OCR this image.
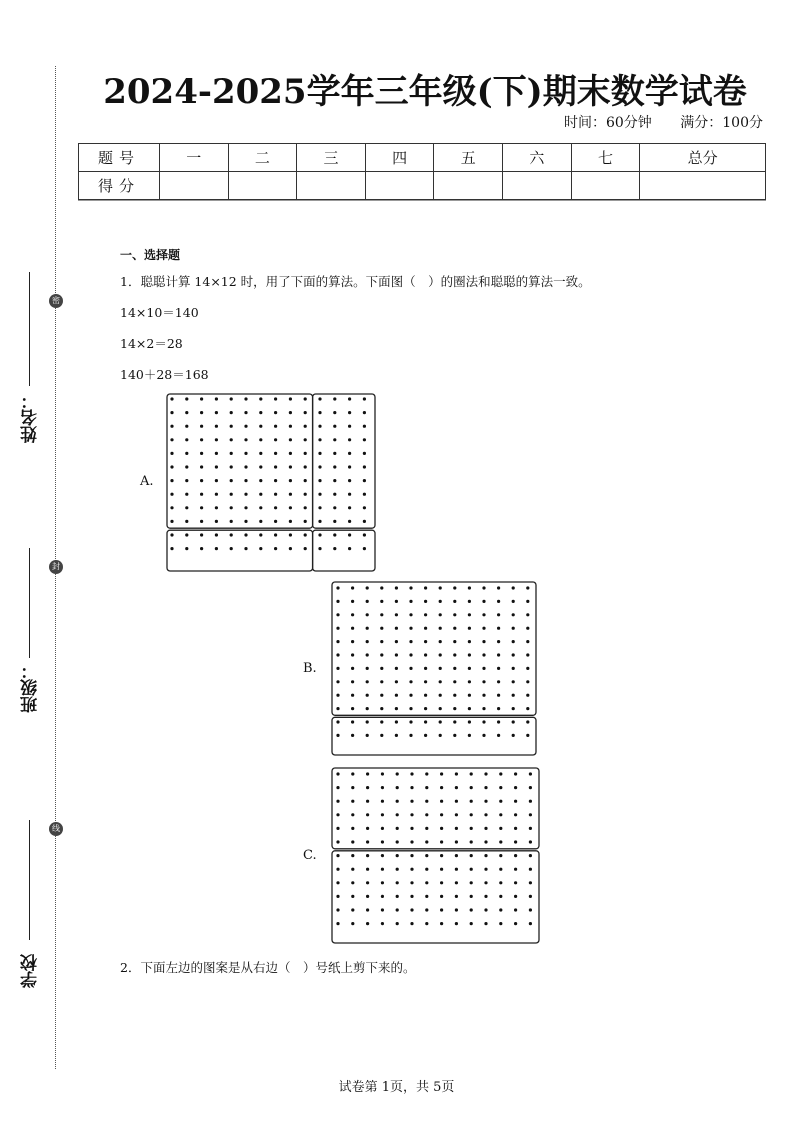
密
封
线
姓名：
班级：
学校
2024-2025学年三年级(下)期末数学试卷
时间：60分钟 满分：100分
题号	一	二	三	四	五	六	七	总分
得分								
一、选择题
1．聪聪计算 14×12 时，用了下面的算法。下面图（　）的圈法和聪聪的算法一致。
14×10＝140
14×2＝28
140＋28＝168
A.
B.
C.
2．下面左边的图案是从右边（　）号纸上剪下来的。
试卷第 1页，共 5页
